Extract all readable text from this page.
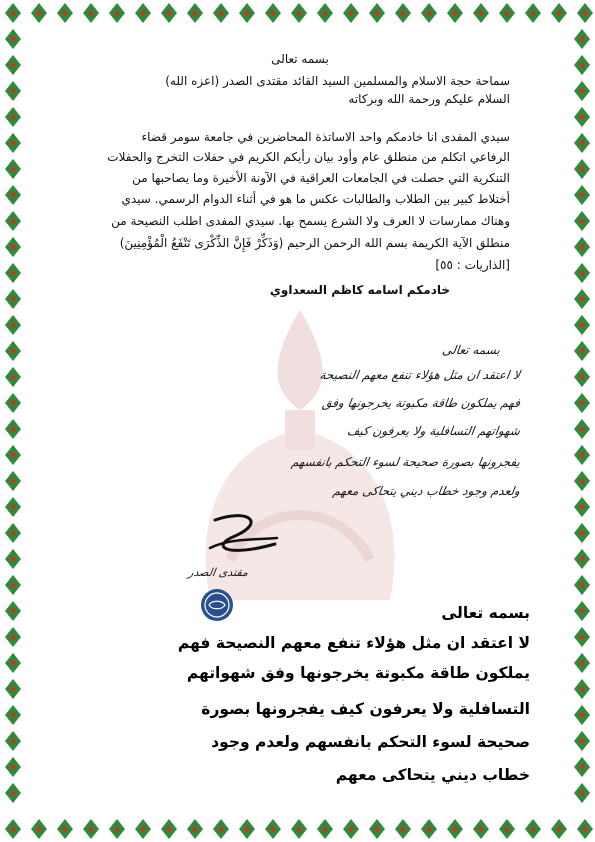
بسمه تعالى
سماحة حجة الاسلام والمسلمين السيد القائد مقتدى الصدر (اعزه الله)
السلام عليكم ورحمة الله وبركاته
سيدي المفدى انا خادمكم واحد الاساتذة المحاضرين في جامعة سومر قضاء
الرفاعي اتكلم من منطلق عام وأود بيان رأيكم الكريم في حفلات التخرج والحفلات
التنكرية التي حصلت في الجامعات العراقية في الآونة الأخيرة وما يصاحبها من
أختلاط كبير بين الطلاب والطالبات عكس ما هو في أثناء الدوام الرسمي. سيدي
وهناك ممارسات لا العرف ولا الشرع يسمح بها. سيدي المفدى اطلب النصيحة من
منطلق الآية الكريمة بسم الله الرحمن الرحيم (وَذَكِّرْ فَإِنَّ الذِّكْرَى تَنْفَعُ الْمُؤْمِنِينَ)
[الذاريات : ٥٥]
خادمكم اسامه كاظم السعداوي
بسمه تعالى
لا اعتقد ان مثل هؤلاء تنفع معهم النصيحة
فهم يملكون طاقة مكبوتة يخرجونها وفق
شهواتهم التسافلية ولا يعرفون كيف
يفجرونها بصورة صحيحة لسوء التحكم بانفسهم
ولعدم وجود خطاب ديني يتحاكى معهم
مقتدى الصدر
بسمه تعالى
لا اعتقد ان مثل هؤلاء تنفع معهم النصيحة فهم
يملكون طاقة مكبوتة يخرجونها وفق شهواتهم
التسافلية ولا يعرفون كيف يفجرونها بصورة
صحيحة لسوء التحكم بانفسهم ولعدم وجود
خطاب ديني يتحاكى معهم
